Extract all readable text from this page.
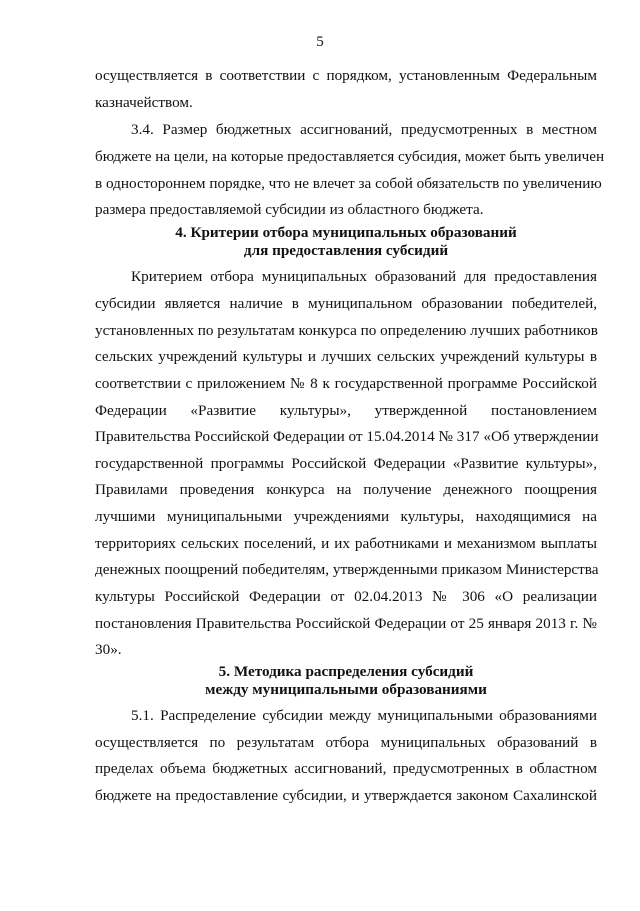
5
осуществляется в соответствии с порядком, установленным Федеральным
казначейством.
3.4. Размер бюджетных ассигнований, предусмотренных в местном
бюджете на цели, на которые предоставляется субсидия, может быть увеличен
в одностороннем порядке, что не влечет за собой обязательств по увеличению
размера предоставляемой субсидии из областного бюджета.
4. Критерии отбора муниципальных образований
для предоставления субсидий
Критерием отбора муниципальных образований для предоставления
субсидии является наличие в муниципальном образовании победителей,
установленных по результатам конкурса по определению лучших работников
сельских учреждений культуры и лучших сельских учреждений культуры в
соответствии с приложением № 8 к государственной программе Российской
Федерации «Развитие культуры», утвержденной постановлением
Правительства Российской Федерации от 15.04.2014 № 317 «Об утверждении
государственной программы Российской Федерации «Развитие культуры»,
Правилами проведения конкурса на получение денежного поощрения
лучшими муниципальными учреждениями культуры, находящимися на
территориях сельских поселений, и их работниками и механизмом выплаты
денежных поощрений победителям, утвержденными приказом Министерства
культуры Российской Федерации от 02.04.2013 № 306 «О реализации
постановления Правительства Российской Федерации от 25 января 2013 г. №
30».
5. Методика распределения субсидий
между муниципальными образованиями
5.1. Распределение субсидии между муниципальными образованиями
осуществляется по результатам отбора муниципальных образований в
пределах объема бюджетных ассигнований, предусмотренных в областном
бюджете на предоставление субсидии, и утверждается законом Сахалинской
